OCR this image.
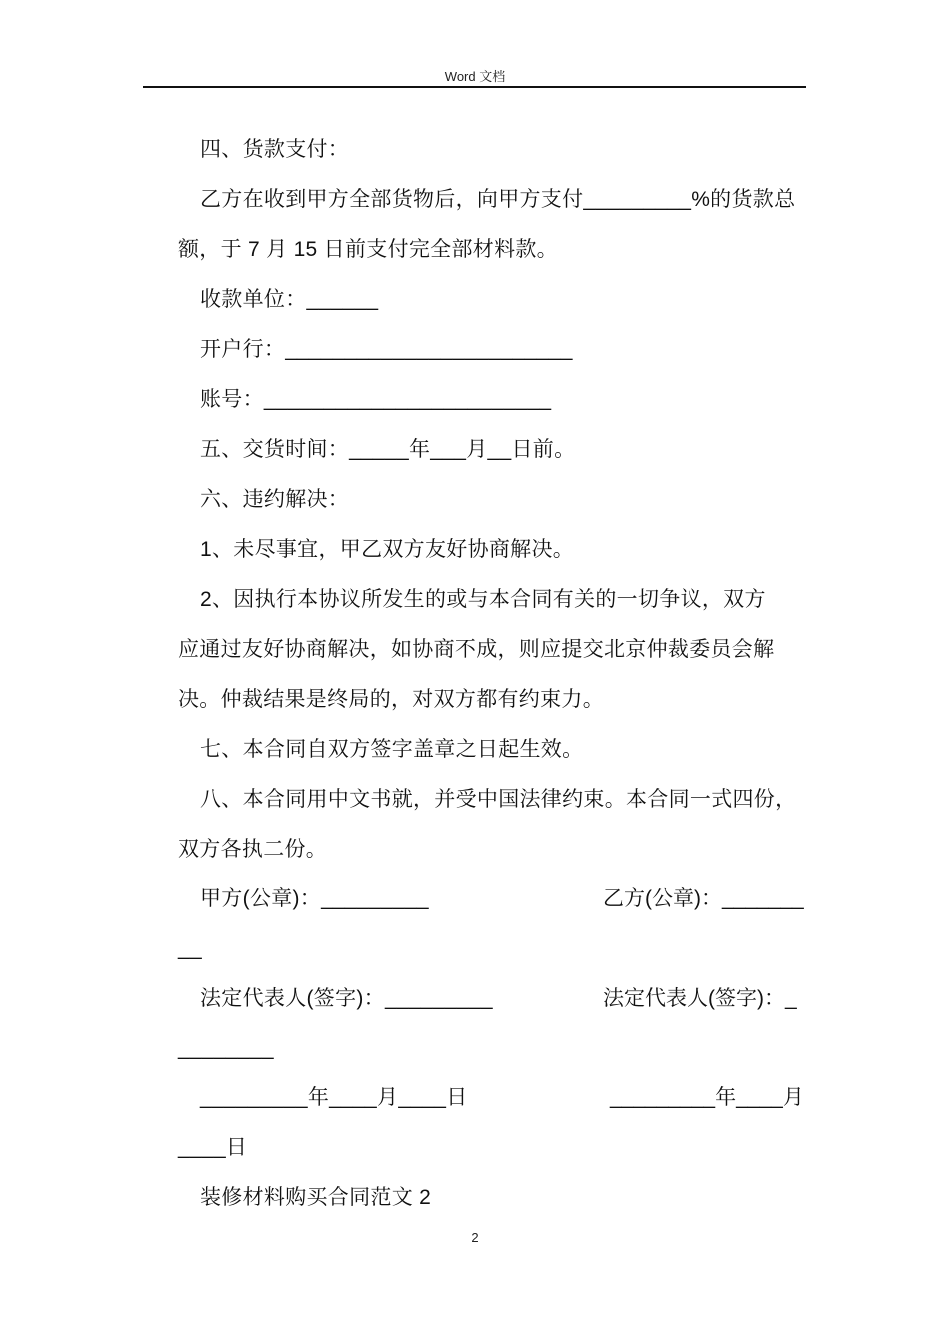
Word 文档
四、货款支付：
乙方在收到甲方全部货物后，向甲方支付_________%的货款总
额，于 7 月 15 日前支付完全部材料款。
收款单位：______
开户行：________________________
账号：________________________
五、交货时间：_____年___月__日前。
六、违约解决：
1、未尽事宜，甲乙双方友好协商解决。
2、因执行本协议所发生的或与本合同有关的一切争议，双方
应通过友好协商解决，如协商不成，则应提交北京仲裁委员会解
决。仲裁结果是终局的，对双方都有约束力。
七、本合同自双方签字盖章之日起生效。
八、本合同用中文书就，并受中国法律约束。本合同一式四份，
双方各执二份。
甲方(公章)：_________	乙方(公章)：_______
__
法定代表人(签字)：_________	法定代表人(签字)：_
________
_________年____月____日	_________年____月
____日
装修材料购买合同范文 2
2
